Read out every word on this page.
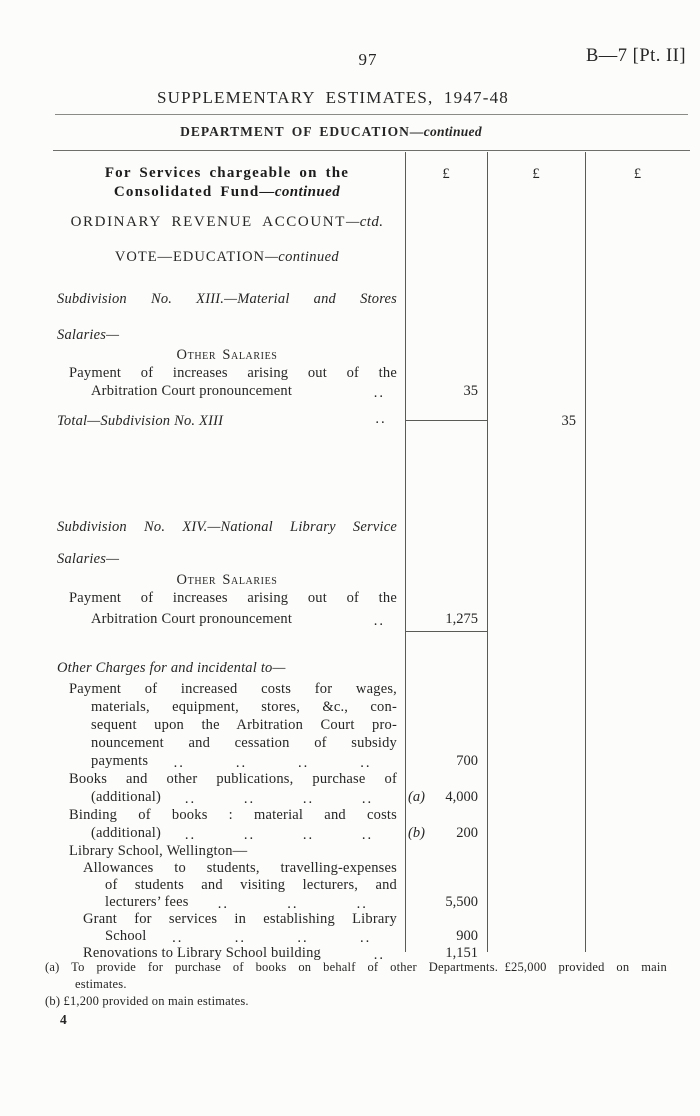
97	B—7 [Pt. II]
SUPPLEMENTARY ESTIMATES, 1947-48
DEPARTMENT OF EDUCATION—continued
For Services chargeable on the
Consolidated Fund—continued
£	£	£
ORDINARY REVENUE ACCOUNT—ctd.
VOTE—EDUCATION—continued
Subdivision No. XIII.—Material and Stores
Salaries—
Other Salaries
Payment of increases arising out of the
Arbitration Court pronouncement	..	35
Total—Subdivision No. XIII	..	35
Subdivision No. XIV.—National Library Service
Salaries—
Other Salaries
Payment of increases arising out of the
Arbitration Court pronouncement	..	1,275
Other Charges for and incidental to—
Payment of increased costs for wages,
materials, equipment, stores, &c., con-
sequent upon the Arbitration Court pro-
nouncement and cessation of subsidy
payments ..	..	..	..	700
Books and other publications, purchase of
(additional) ..	..	..	.. (a) 4,000
Binding of books : material and costs
(additional) ..	..	..	.. (b) 200
Library School, Wellington—
Allowances to students, travelling-expenses
of students and visiting lecturers, and
lecturers’ fees ..	..	..	5,500
Grant for services in establishing Library
School ..	..	..	..	900
Renovations to Library School building	..	1,151
(a) To provide for purchase of books on behalf of other Departments. £25,000 provided on main
estimates.
(b) £1,200 provided on main estimates.
4
